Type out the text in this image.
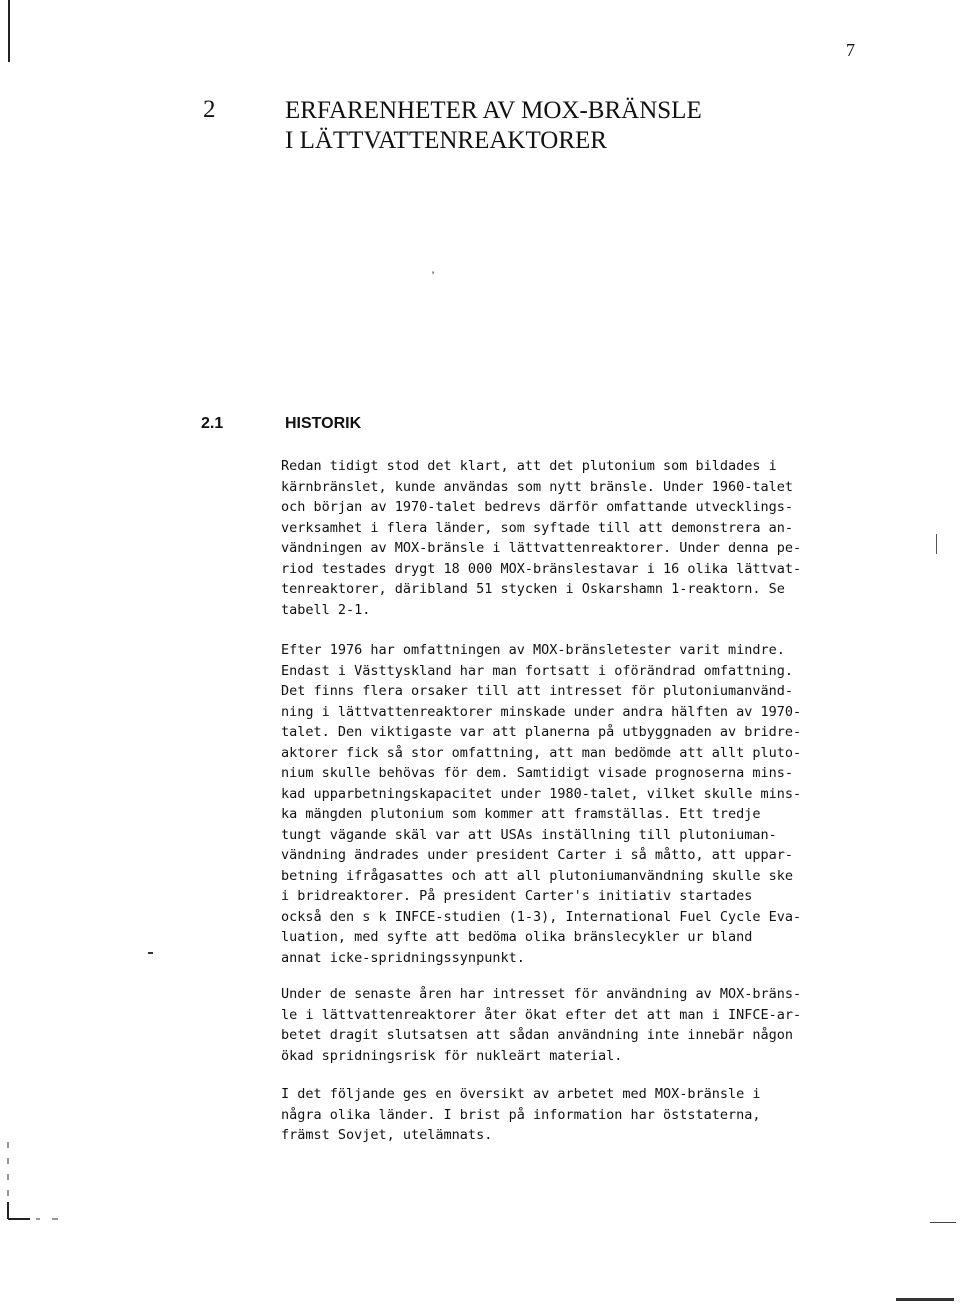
7
2	ERFARENHETER AV MOX-BRÄNSLE
I LÄTTVATTENREAKTORER
'
2.1	HISTORIK

Redan tidigt stod det klart, att det plutonium som bildades i
kärnbränslet, kunde användas som nytt bränsle. Under 1960-talet
och början av 1970-talet bedrevs därför omfattande utvecklings-
verksamhet i flera länder, som syftade till att demonstrera an-
vändningen av MOX-bränsle i lättvattenreaktorer. Under denna pe-
riod testades drygt 18 000 MOX-bränslestavar i 16 olika lättvat-
tenreaktorer, däribland 51 stycken i Oskarshamn 1-reaktorn. Se
tabell 2-1.

Efter 1976 har omfattningen av MOX-bränsletester varit mindre.
Endast i Västtyskland har man fortsatt i oförändrad omfattning.
Det finns flera orsaker till att intresset för plutoniumanvänd-
ning i lättvattenreaktorer minskade under andra hälften av 1970-
talet. Den viktigaste var att planerna på utbyggnaden av bridre-
aktorer fick så stor omfattning, att man bedömde att allt pluto-
nium skulle behövas för dem. Samtidigt visade prognoserna mins-
kad upparbetningskapacitet under 1980-talet, vilket skulle mins-
ka mängden plutonium som kommer att framställas. Ett tredje
tungt vägande skäl var att USAs inställning till plutoniuman-
vändning ändrades under president Carter i så måtto, att uppar-
betning ifrågasattes och att all plutoniumanvändning skulle ske
i bridreaktorer. På president Carter's initiativ startades
också den s k INFCE-studien (1-3), International Fuel Cycle Eva-
luation, med syfte att bedöma olika bränslecykler ur bland
annat icke-spridningssynpunkt.

Under de senaste åren har intresset för användning av MOX-bräns-
le i lättvattenreaktorer åter ökat efter det att man i INFCE-ar-
betet dragit slutsatsen att sådan användning inte innebär någon
ökad spridningsrisk för nukleärt material.

I det följande ges en översikt av arbetet med MOX-bränsle i
några olika länder. I brist på information har öststaterna,
främst Sovjet, utelämnats.
